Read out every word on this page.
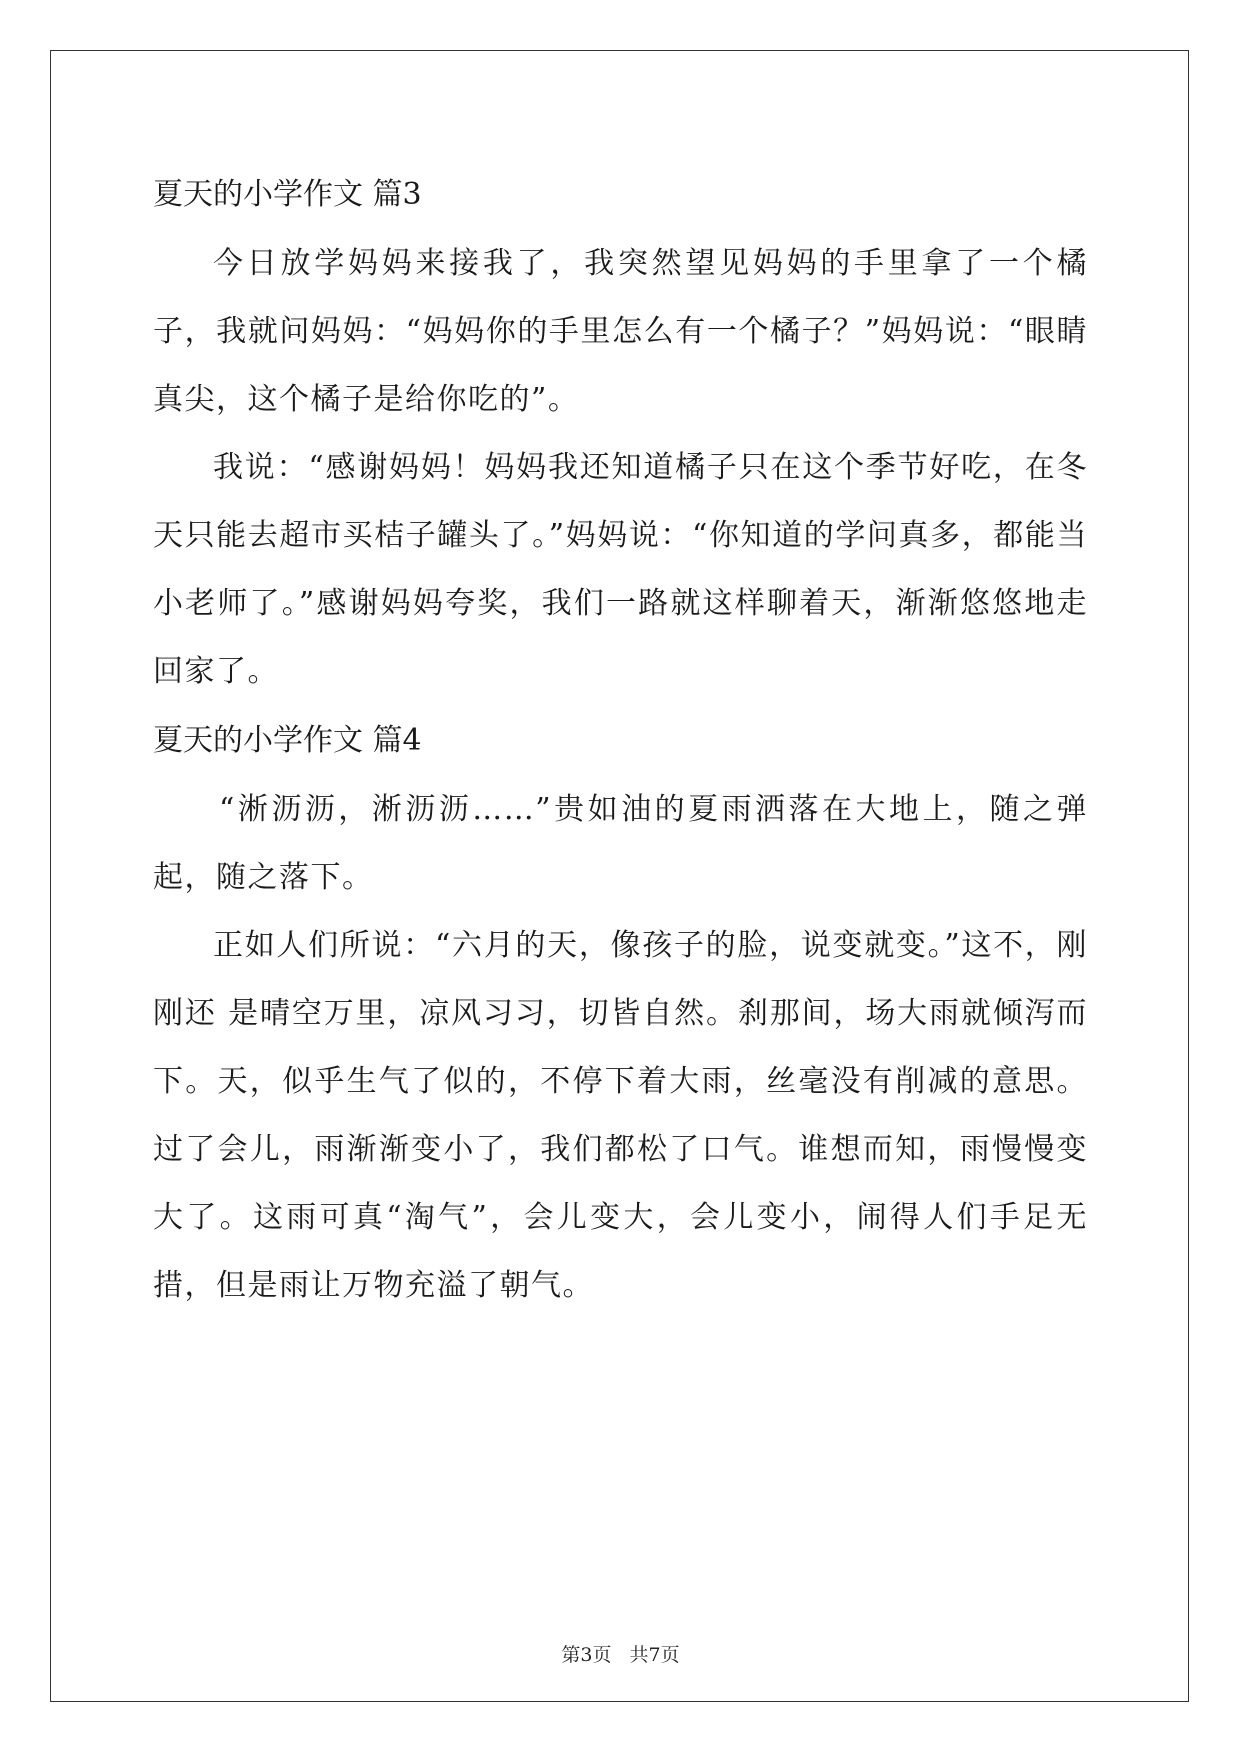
夏天的小学作文 篇3

今日放学妈妈来接我了，我突然望见妈妈的手里拿了一个橘子，我就问妈妈：“妈妈你的手里怎么有一个橘子？”妈妈说：“眼睛真尖，这个橘子是给你吃的”。

我说：“感谢妈妈！妈妈我还知道橘子只在这个季节好吃，在冬天只能去超市买桔子罐头了。”妈妈说：“你知道的学问真多，都能当小老师了。”感谢妈妈夸奖，我们一路就这样聊着天，渐渐悠悠地走回家了。

夏天的小学作文 篇4

“淅沥沥，淅沥沥……”贵如油的夏雨洒落在大地上，随之弹起，随之落下。

正如人们所说：“六月的天，像孩子的脸，说变就变。”这不，刚刚还 是晴空万里，凉风习习，切皆自然。刹那间，场大雨就倾泻而下。天，似乎生气了似的，不停下着大雨，丝毫没有削减的意思。过了会儿，雨渐渐变小了，我们都松了口气。谁想而知，雨慢慢变大了。这雨可真“淘气”，会儿变大，会儿变小，闹得人们手足无措，但是雨让万物充溢了朝气。

第3页 共7页
